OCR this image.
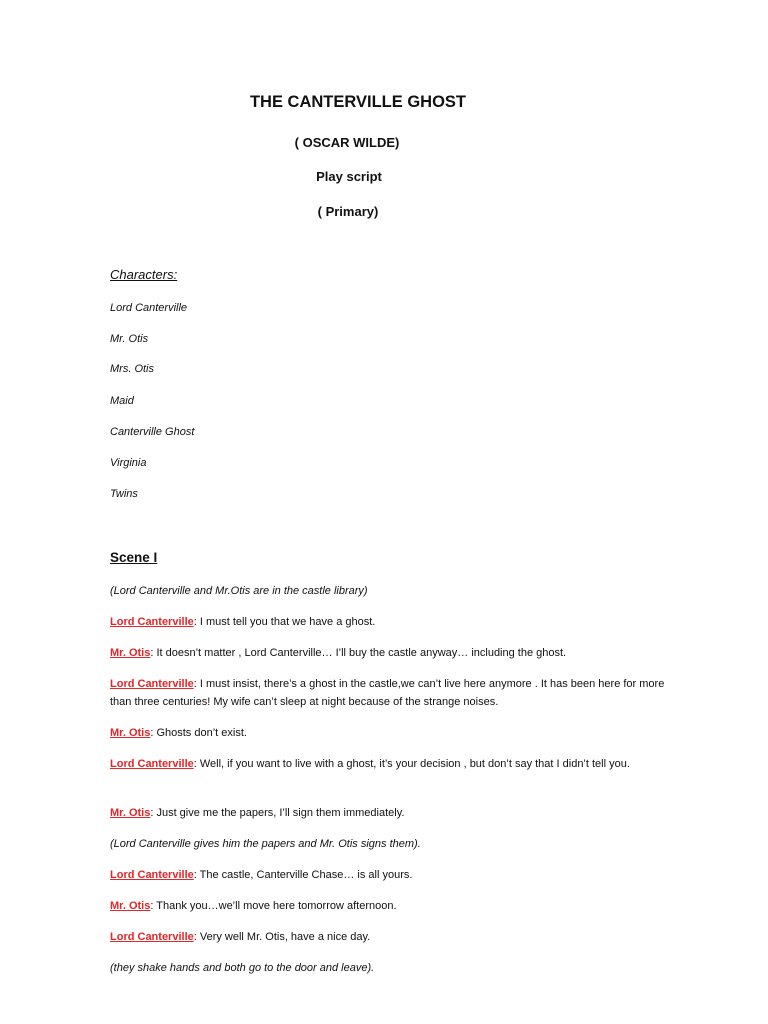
THE CANTERVILLE GHOST
( OSCAR WILDE)
Play script
( Primary)
Characters:
Lord Canterville
Mr. Otis
Mrs. Otis
Maid
Canterville Ghost
Virginia
Twins
Scene I
(Lord Canterville and Mr.Otis are in the castle library)
Lord Canterville: I must tell you that we have a ghost.
Mr. Otis: It doesn’t matter , Lord Canterville… I’ll buy the castle anyway… including the ghost.
Lord Canterville: I must insist, there’s a ghost in the castle,we can’t live here anymore . It has been here for more than three centuries! My wife can’t sleep at night because of the strange noises.
Mr. Otis: Ghosts don’t exist.
Lord Canterville: Well, if you want to live with a ghost, it’s your decision , but don’t say that I didn’t tell you.
Mr. Otis: Just give me the papers, I’ll sign them immediately.
(Lord Canterville gives him the papers and Mr. Otis signs them).
Lord Canterville: The castle, Canterville Chase… is all yours.
Mr. Otis: Thank you…we’ll move here tomorrow afternoon.
Lord Canterville: Very well Mr. Otis, have a nice day.
(they shake hands and both go to the door and leave).
